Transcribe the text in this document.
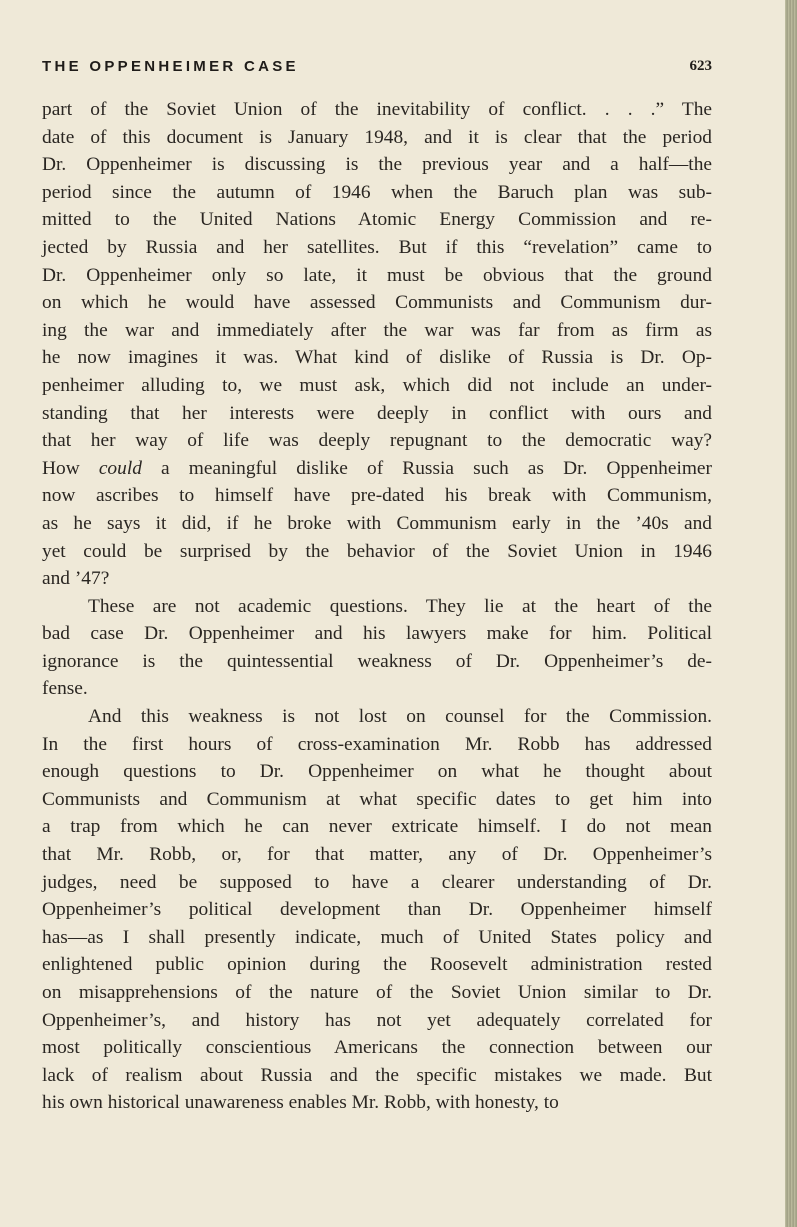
THE OPPENHEIMER CASE	623
part of the Soviet Union of the inevitability of conflict. . . .” The
date of this document is January 1948, and it is clear that the period
Dr. Oppenheimer is discussing is the previous year and a half—the
period since the autumn of 1946 when the Baruch plan was sub-
mitted to the United Nations Atomic Energy Commission and re-
jected by Russia and her satellites. But if this “revelation” came to
Dr. Oppenheimer only so late, it must be obvious that the ground
on which he would have assessed Communists and Communism dur-
ing the war and immediately after the war was far from as firm as
he now imagines it was. What kind of dislike of Russia is Dr. Op-
penheimer alluding to, we must ask, which did not include an under-
standing that her interests were deeply in conflict with ours and
that her way of life was deeply repugnant to the democratic way?
How could a meaningful dislike of Russia such as Dr. Oppenheimer
now ascribes to himself have pre-dated his break with Communism,
as he says it did, if he broke with Communism early in the ’40s and
yet could be surprised by the behavior of the Soviet Union in 1946
and ’47?
These are not academic questions. They lie at the heart of the
bad case Dr. Oppenheimer and his lawyers make for him. Political
ignorance is the quintessential weakness of Dr. Oppenheimer’s de-
fense.
And this weakness is not lost on counsel for the Commission.
In the first hours of cross-examination Mr. Robb has addressed
enough questions to Dr. Oppenheimer on what he thought about
Communists and Communism at what specific dates to get him into
a trap from which he can never extricate himself. I do not mean
that Mr. Robb, or, for that matter, any of Dr. Oppenheimer’s
judges, need be supposed to have a clearer understanding of Dr.
Oppenheimer’s political development than Dr. Oppenheimer himself
has—as I shall presently indicate, much of United States policy and
enlightened public opinion during the Roosevelt administration rested
on misapprehensions of the nature of the Soviet Union similar to Dr.
Oppenheimer’s, and history has not yet adequately correlated for
most politically conscientious Americans the connection between our
lack of realism about Russia and the specific mistakes we made. But
his own historical unawareness enables Mr. Robb, with honesty, to
